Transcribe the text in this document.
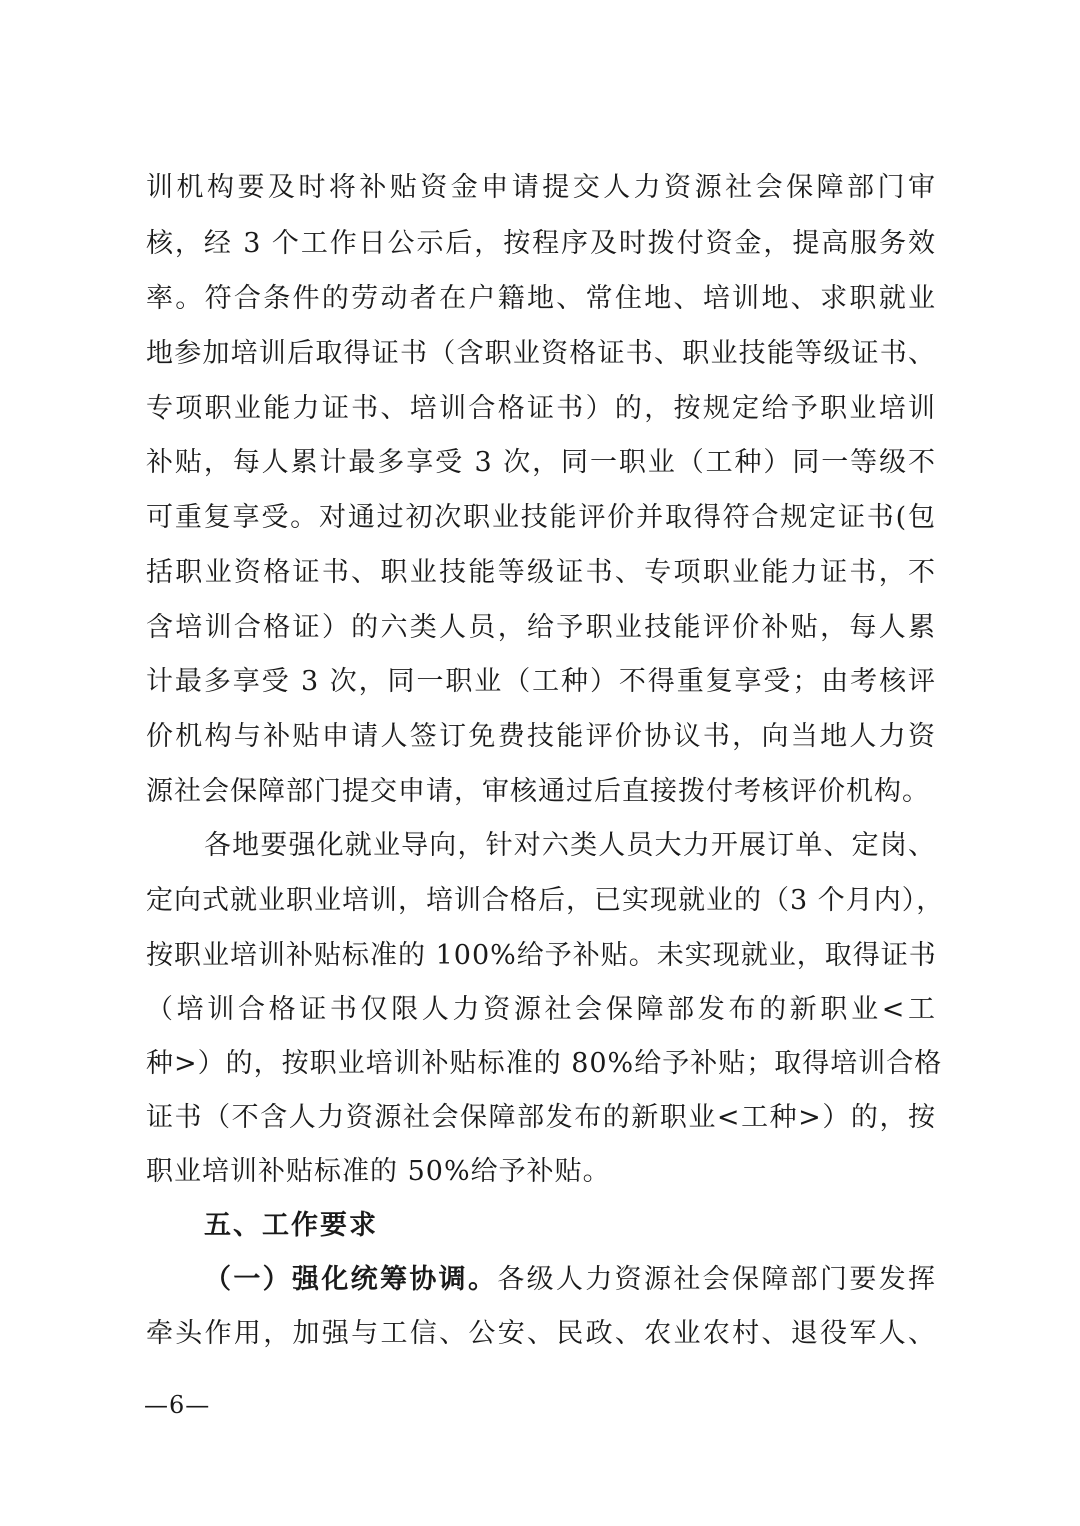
训机构要及时将补贴资金申请提交人力资源社会保障部门审
核，经 3 个工作日公示后，按程序及时拨付资金，提高服务效
率。符合条件的劳动者在户籍地、常住地、培训地、求职就业
地参加培训后取得证书（含职业资格证书、职业技能等级证书、
专项职业能力证书、培训合格证书）的，按规定给予职业培训
补贴，每人累计最多享受 3 次，同一职业（工种）同一等级不
可重复享受。对通过初次职业技能评价并取得符合规定证书(包
括职业资格证书、职业技能等级证书、专项职业能力证书，不
含培训合格证）的六类人员，给予职业技能评价补贴，每人累
计最多享受 3 次，同一职业（工种）不得重复享受；由考核评
价机构与补贴申请人签订免费技能评价协议书，向当地人力资
源社会保障部门提交申请，审核通过后直接拨付考核评价机构。
各地要强化就业导向，针对六类人员大力开展订单、定岗、
定向式就业职业培训，培训合格后，已实现就业的（3 个月内），
按职业培训补贴标准的 100%给予补贴。未实现就业，取得证书
（培训合格证书仅限人力资源社会保障部发布的新职业<工
种>）的，按职业培训补贴标准的 80%给予补贴；取得培训合格
证书（不含人力资源社会保障部发布的新职业<工种>）的，按
职业培训补贴标准的 50%给予补贴。
五、工作要求
（一）强化统筹协调。各级人力资源社会保障部门要发挥
牵头作用，加强与工信、公安、民政、农业农村、退役军人、
—6—
